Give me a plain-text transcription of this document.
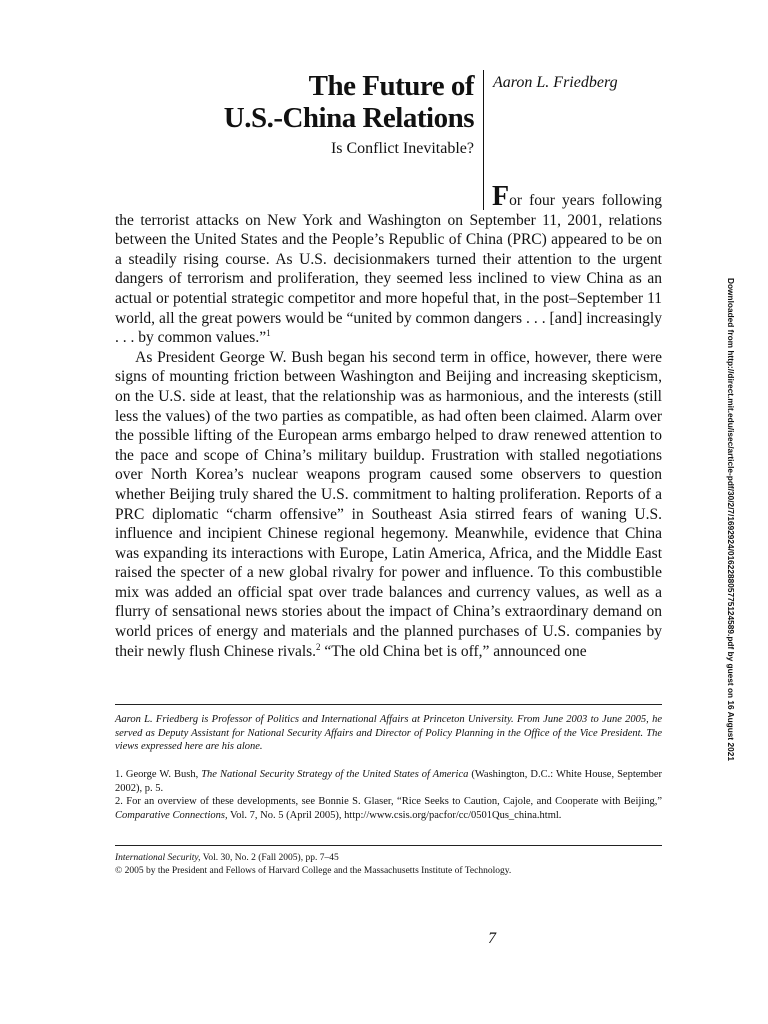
The Future of
U.S.-China Relations

Is Conflict Inevitable?

Aaron L. Friedberg

For four years following the terrorist attacks on New York and Washington on September 11, 2001, relations between the United States and the People’s Republic of China (PRC) appeared to be on a steadily rising course. As U.S. decisionmakers turned their attention to the urgent dangers of terrorism and proliferation, they seemed less inclined to view China as an actual or potential strategic competitor and more hopeful that, in the post–September 11 world, all the great powers would be “united by common dangers . . . [and] increasingly . . . by common values.”$^1$

As President George W. Bush began his second term in office, however, there were signs of mounting friction between Washington and Beijing and increasing skepticism, on the U.S. side at least, that the relationship was as harmonious, and the interests (still less the values) of the two parties as compatible, as had often been claimed. Alarm over the possible lifting of the European arms embargo helped to draw renewed attention to the pace and scope of China’s military buildup. Frustration with stalled negotiations over North Korea’s nuclear weapons program caused some observers to question whether Beijing truly shared the U.S. commitment to halting proliferation. Reports of a PRC diplomatic “charm offensive” in Southeast Asia stirred fears of waning U.S. influence and incipient Chinese regional hegemony. Meanwhile, evidence that China was expanding its interactions with Europe, Latin America, Africa, and the Middle East raised the specter of a new global rivalry for power and influence. To this combustible mix was added an official spat over trade balances and currency values, as well as a flurry of sensational news stories about the impact of China’s extraordinary demand on world prices of energy and materials and the planned purchases of U.S. companies by their newly flush Chinese rivals.$^2$ “The old China bet is off,” announced one

Aaron L. Friedberg is Professor of Politics and International Affairs at Princeton University. From June 2003 to June 2005, he served as Deputy Assistant for National Security Affairs and Director of Policy Planning in the Office of the Vice President. The views expressed here are his alone.

1. George W. Bush, The National Security Strategy of the United States of America (Washington, D.C.: White House, September 2002), p. 5.

2. For an overview of these developments, see Bonnie S. Glaser, “Rice Seeks to Caution, Cajole, and Cooperate with Beijing,” Comparative Connections, Vol. 7, No. 5 (April 2005), http://www.csis.org/pacfor/cc/0501Qus_china.html.

International Security, Vol. 30, No. 2 (Fall 2005), pp. 7–45
© 2005 by the President and Fellows of Harvard College and the Massachusetts Institute of Technology.

7

Downloaded from http://direct.mit.edu/isec/article-pdf/30/2/7/1692924/016228805775124589.pdf by guest on 16 August 2021
